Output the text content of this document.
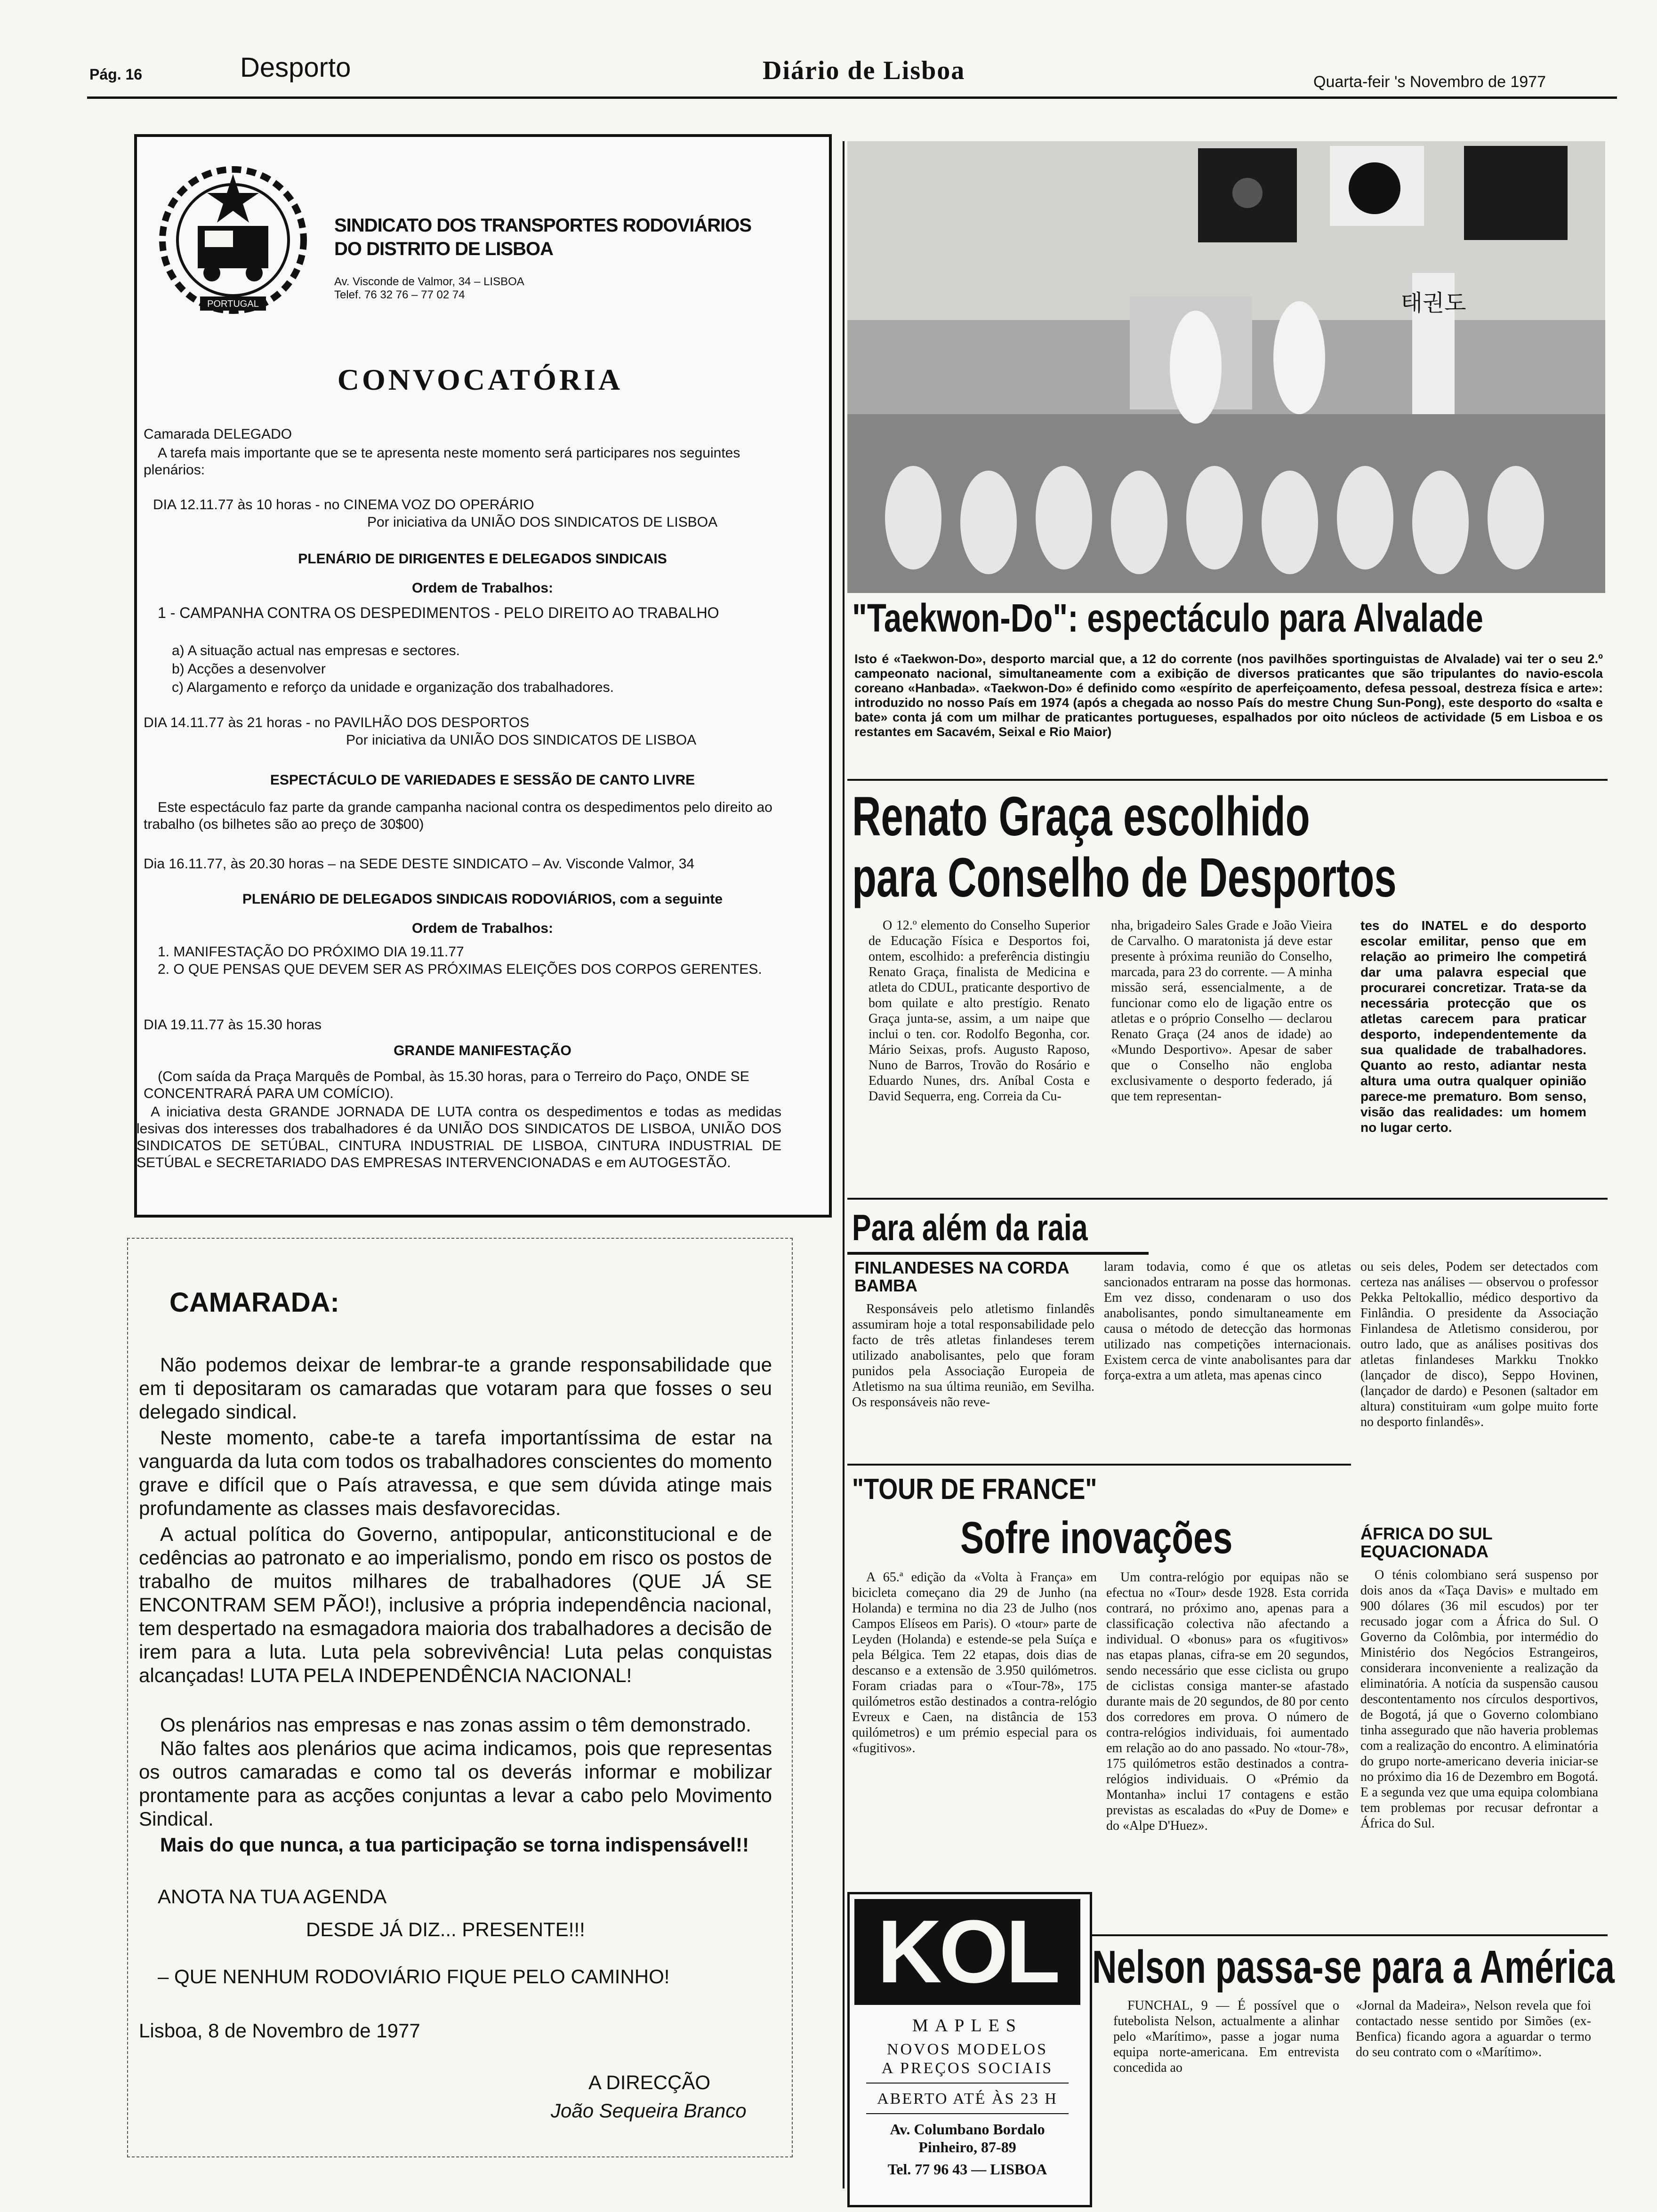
Pág. 16	Desporto	Diário de Lisboa	Quarta-feir 's Novembro de 1977
PORTUGAL
SINDICATO DOS TRANSPORTES RODOVIÁRIOS
DO DISTRITO DE LISBOA
Av. Visconde de Valmor, 34 – LISBOA
Telef. 76 32 76 – 77 02 74
CONVOCATÓRIA
Camarada DELEGADO
A tarefa mais importante que se te apresenta neste momento será participares nos seguintes plenários:
DIA 12.11.77 às 10 horas - no CINEMA VOZ DO OPERÁRIO
Por iniciativa da UNIÃO DOS SINDICATOS DE LISBOA
PLENÁRIO DE DIRIGENTES E DELEGADOS SINDICAIS
Ordem de Trabalhos:
1 - CAMPANHA CONTRA OS DESPEDIMENTOS - PELO DIREITO AO TRABALHO
a) A situação actual nas empresas e sectores.
b) Acções a desenvolver
c) Alargamento e reforço da unidade e organização dos trabalhadores.
DIA 14.11.77 às 21 horas - no PAVILHÃO DOS DESPORTOS
Por iniciativa da UNIÃO DOS SINDICATOS DE LISBOA
ESPECTÁCULO DE VARIEDADES E SESSÃO DE CANTO LIVRE
Este espectáculo faz parte da grande campanha nacional contra os despedimentos pelo direito ao trabalho (os bilhetes são ao preço de 30$00)
Dia 16.11.77, às 20.30 horas – na SEDE DESTE SINDICATO – Av. Visconde Valmor, 34
PLENÁRIO DE DELEGADOS SINDICAIS RODOVIÁRIOS, com a seguinte
Ordem de Trabalhos:
1. MANIFESTAÇÃO DO PRÓXIMO DIA 19.11.77
2. O QUE PENSAS QUE DEVEM SER AS PRÓXIMAS ELEIÇÕES DOS CORPOS GERENTES.
DIA 19.11.77 às 15.30 horas
GRANDE MANIFESTAÇÃO
(Com saída da Praça Marquês de Pombal, às 15.30 horas, para o Terreiro do Paço, ONDE SE CONCENTRARÁ PARA UM COMÍCIO).
A iniciativa desta GRANDE JORNADA DE LUTA contra os despedimentos e todas as medidas lesivas dos interesses dos trabalhadores é da UNIÃO DOS SINDICATOS DE LISBOA, UNIÃO DOS SINDICATOS DE SETÚBAL, CINTURA INDUSTRIAL DE LISBOA, CINTURA INDUSTRIAL DE SETÚBAL e SECRETARIADO DAS EMPRESAS INTERVENCIONADAS e em AUTOGESTÃO.
CAMARADA:
Não podemos deixar de lembrar-te a grande responsabilidade que em ti depositaram os camaradas que votaram para que fosses o seu delegado sindical.
Neste momento, cabe-te a tarefa importantíssima de estar na vanguarda da luta com todos os trabalhadores conscientes do momento grave e difícil que o País atravessa, e que sem dúvida atinge mais profundamente as classes mais desfavorecidas.
A actual política do Governo, antipopular, anticonstitucional e de cedências ao patronato e ao imperialismo, pondo em risco os postos de trabalho de muitos milhares de trabalhadores (QUE JÁ SE ENCONTRAM SEM PÃO!), inclusive a própria independência nacional, tem despertado na esmagadora maioria dos trabalhadores a decisão de irem para a luta. Luta pela sobrevivência! Luta pelas conquistas alcançadas! LUTA PELA INDEPENDÊNCIA NACIONAL!
Os plenários nas empresas e nas zonas assim o têm demonstrado.
Não faltes aos plenários que acima indicamos, pois que representas os outros camaradas e como tal os deverás informar e mobilizar prontamente para as acções conjuntas a levar a cabo pelo Movimento Sindical.
Mais do que nunca, a tua participação se torna indispensável!!
ANOTA NA TUA AGENDA
DESDE JÁ DIZ... PRESENTE!!!
– QUE NENHUM RODOVIÁRIO FIQUE PELO CAMINHO!
Lisboa, 8 de Novembro de 1977
A DIRECÇÃO
João Sequeira Branco
태권도
"Taekwon-Do": espectáculo para Alvalade
Isto é «Taekwon-Do», desporto marcial que, a 12 do corrente (nos pavilhões sportinguistas de Alvalade) vai ter o seu 2.º campeonato nacional, simultaneamente com a exibição de diversos praticantes que são tripulantes do navio-escola coreano «Hanbada». «Taekwon-Do» é definido como «espírito de aperfeiçoamento, defesa pessoal, destreza física e arte»: introduzido no nosso País em 1974 (após a chegada ao nosso País do mestre Chung Sun-Pong), este desporto do «salta e bate» conta já com um milhar de praticantes portugueses, espalhados por oito núcleos de actividade (5 em Lisboa e os restantes em Sacavém, Seixal e Rio Maior)
Renato Graça escolhido
para Conselho de Desportos
O 12.º elemento do Conselho Superior de Educação Física e Desportos foi, ontem, escolhido: a preferência distingiu Renato Graça, finalista de Medicina e atleta do CDUL, praticante desportivo de bom quilate e alto prestígio. Renato Graça junta-se, assim, a um naipe que inclui o ten. cor. Rodolfo Begonha, cor. Mário Seixas, profs. Augusto Raposo, Nuno de Barros, Trovão do Rosário e Eduardo Nunes, drs. Aníbal Costa e David Sequerra, eng. Correia da Cu-
nha, brigadeiro Sales Grade e João Vieira de Carvalho. O maratonista já deve estar presente à próxima reunião do Conselho, marcada, para 23 do corrente. — A minha missão será, essencialmente, a de funcionar como elo de ligação entre os atletas e o próprio Conselho — declarou Renato Graça (24 anos de idade) ao «Mundo Desportivo». Apesar de saber que o Conselho não engloba exclusivamente o desporto federado, já que tem representan-
tes do INATEL e do desporto escolar emilitar, penso que em relação ao primeiro lhe competirá dar uma palavra especial que procurarei concretizar. Trata-se da necessária protecção que os atletas carecem para praticar desporto, independentemente da sua qualidade de trabalhadores. Quanto ao resto, adiantar nesta altura uma outra qualquer opinião parece-me prematuro. Bom senso, visão das realidades: um homem no lugar certo.
Para além da raia
FINLANDESES NA CORDA BAMBA
Responsáveis pelo atletismo finlandês assumiram hoje a total responsabilidade pelo facto de três atletas finlandeses terem utilizado anabolisantes, pelo que foram punidos pela Associação Europeia de Atletismo na sua última reunião, em Sevilha. Os responsáveis não reve-
laram todavia, como é que os atletas sancionados entraram na posse das hormonas. Em vez disso, condenaram o uso dos anabolisantes, pondo simultaneamente em causa o método de detecção das hormonas utilizado nas competições internacionais. Existem cerca de vinte anabolisantes para dar força-extra a um atleta, mas apenas cinco
ou seis deles, Podem ser detectados com certeza nas análises — observou o professor Pekka Peltokallio, médico desportivo da Finlândia. O presidente da Associação Finlandesa de Atletismo considerou, por outro lado, que as análises positivas dos atletas finlandeses Markku Tnokko (lançador de disco), Seppo Hovinen, (lançador de dardo) e Pesonen (saltador em altura) constituiram «um golpe muito forte no desporto finlandês».
ÁFRICA DO SUL EQUACIONADA
O ténis colombiano será suspenso por dois anos da «Taça Davis» e multado em 900 dólares (36 mil escudos) por ter recusado jogar com a África do Sul. O Governo da Colômbia, por intermédio do Ministério dos Negócios Estrangeiros, considerara inconveniente a realização da eliminatória. A notícia da suspensão causou descontentamento nos círculos desportivos, de Bogotá, já que o Governo colombiano tinha assegurado que não haveria problemas com a realização do encontro. A eliminatória do grupo norte-americano deveria iniciar-se no próximo dia 16 de Dezembro em Bogotá. E a segunda vez que uma equipa colombiana tem problemas por recusar defrontar a África do Sul.
"TOUR DE FRANCE"
Sofre inovações
A 65.ª edição da «Volta à França» em bicicleta começano dia 29 de Junho (na Holanda) e termina no dia 23 de Julho (nos Campos Elíseos em Paris). O «tour» parte de Leyden (Holanda) e estende-se pela Suíça e pela Bélgica. Tem 22 etapas, dois dias de descanso e a extensão de 3.950 quilómetros. Foram criadas para o «Tour-78», 175 quilómetros estão destinados a contra-relógio Evreux e Caen, na distância de 153 quilómetros) e um prémio especial para os «fugitivos».
Um contra-relógio por equipas não se efectua no «Tour» desde 1928. Esta corrida contrará, no próximo ano, apenas para a classificação colectiva não afectando a individual. O «bonus» para os «fugitivos» nas etapas planas, cifra-se em 20 segundos, sendo necessário que esse ciclista ou grupo de ciclistas consiga manter-se afastado durante mais de 20 segundos, de 80 por cento dos corredores em prova. O número de contra-relógios individuais, foi aumentado em relação ao do ano passado. No «tour-78», 175 quilómetros estão destinados a contra-relógios individuais. O «Prémio da Montanha» inclui 17 contagens e estão previstas as escaladas do «Puy de Dome» e do «Alpe D'Huez».
KOL
MAPLES
NOVOS MODELOS
A PREÇOS SOCIAIS
ABERTO ATÉ ÀS 23 H
Av. Columbano Bordalo
Pinheiro, 87-89
Tel. 77 96 43 — LISBOA
Nelson passa-se para a América
FUNCHAL, 9 — É possível que o futebolista Nelson, actualmente a alinhar pelo «Marítimo», passe a jogar numa equipa norte-americana. Em entrevista concedida ao
«Jornal da Madeira», Nelson revela que foi contactado nesse sentido por Simões (ex-Benfica) ficando agora a aguardar o termo do seu contrato com o «Marítimo».
